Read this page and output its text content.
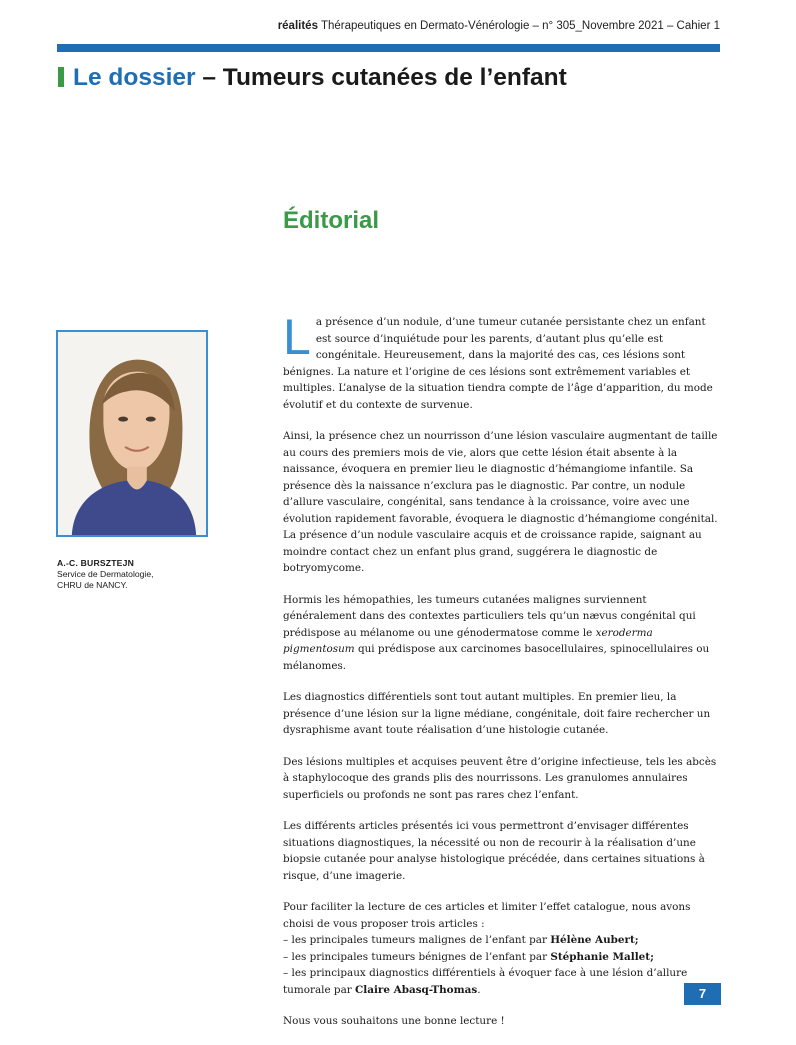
réalités Thérapeutiques en Dermato-Vénérologie – n° 305_Novembre 2021 – Cahier 1
Le dossier – Tumeurs cutanées de l’enfant
Éditorial
A.-C. BURSZTEJN
Service de Dermatologie,
CHRU de NANCY.

La présence d’un nodule, d’une tumeur cutanée persistante chez un enfant est source d’inquiétude pour les parents, d’autant plus qu’elle est congénitale. Heureusement, dans la majorité des cas, ces lésions sont bénignes. La nature et l’origine de ces lésions sont extrêmement variables et multiples. L’analyse de la situation tiendra compte de l’âge d’apparition, du mode évolutif et du contexte de survenue.

Ainsi, la présence chez un nourrisson d’une lésion vasculaire augmentant de taille au cours des premiers mois de vie, alors que cette lésion était absente à la naissance, évoquera en premier lieu le diagnostic d’hémangiome infantile. Sa présence dès la naissance n’exclura pas le diagnostic. Par contre, un nodule d’allure vasculaire, congénital, sans tendance à la croissance, voire avec une évolution rapidement favorable, évoquera le diagnostic d’hémangiome congénital. La présence d’un nodule vasculaire acquis et de croissance rapide, saignant au moindre contact chez un enfant plus grand, suggérera le diagnostic de botryomycome.

Hormis les hémopathies, les tumeurs cutanées malignes surviennent généralement dans des contextes particuliers tels qu’un nævus congénital qui prédispose au mélanome ou une génodermatose comme le xeroderma pigmentosum qui prédispose aux carcinomes basocellulaires, spinocellulaires ou mélanomes.

Les diagnostics différentiels sont tout autant multiples. En premier lieu, la présence d’une lésion sur la ligne médiane, congénitale, doit faire rechercher un dysraphisme avant toute réalisation d’une histologie cutanée.

Des lésions multiples et acquises peuvent être d’origine infectieuse, tels les abcès à staphylocoque des grands plis des nourrissons. Les granulomes annulaires superficiels ou profonds ne sont pas rares chez l’enfant.

Les différents articles présentés ici vous permettront d’envisager différentes situations diagnostiques, la nécessité ou non de recourir à la réalisation d’une biopsie cutanée pour analyse histologique précédée, dans certaines situations à risque, d’une imagerie.

Pour faciliter la lecture de ces articles et limiter l’effet catalogue, nous avons choisi de vous proposer trois articles :
– les principales tumeurs malignes de l’enfant par Hélène Aubert;
– les principales tumeurs bénignes de l’enfant par Stéphanie Mallet;
– les principaux diagnostics différentiels à évoquer face à une lésion d’allure tumorale par Claire Abasq-Thomas.

Nous vous souhaitons une bonne lecture !

7
